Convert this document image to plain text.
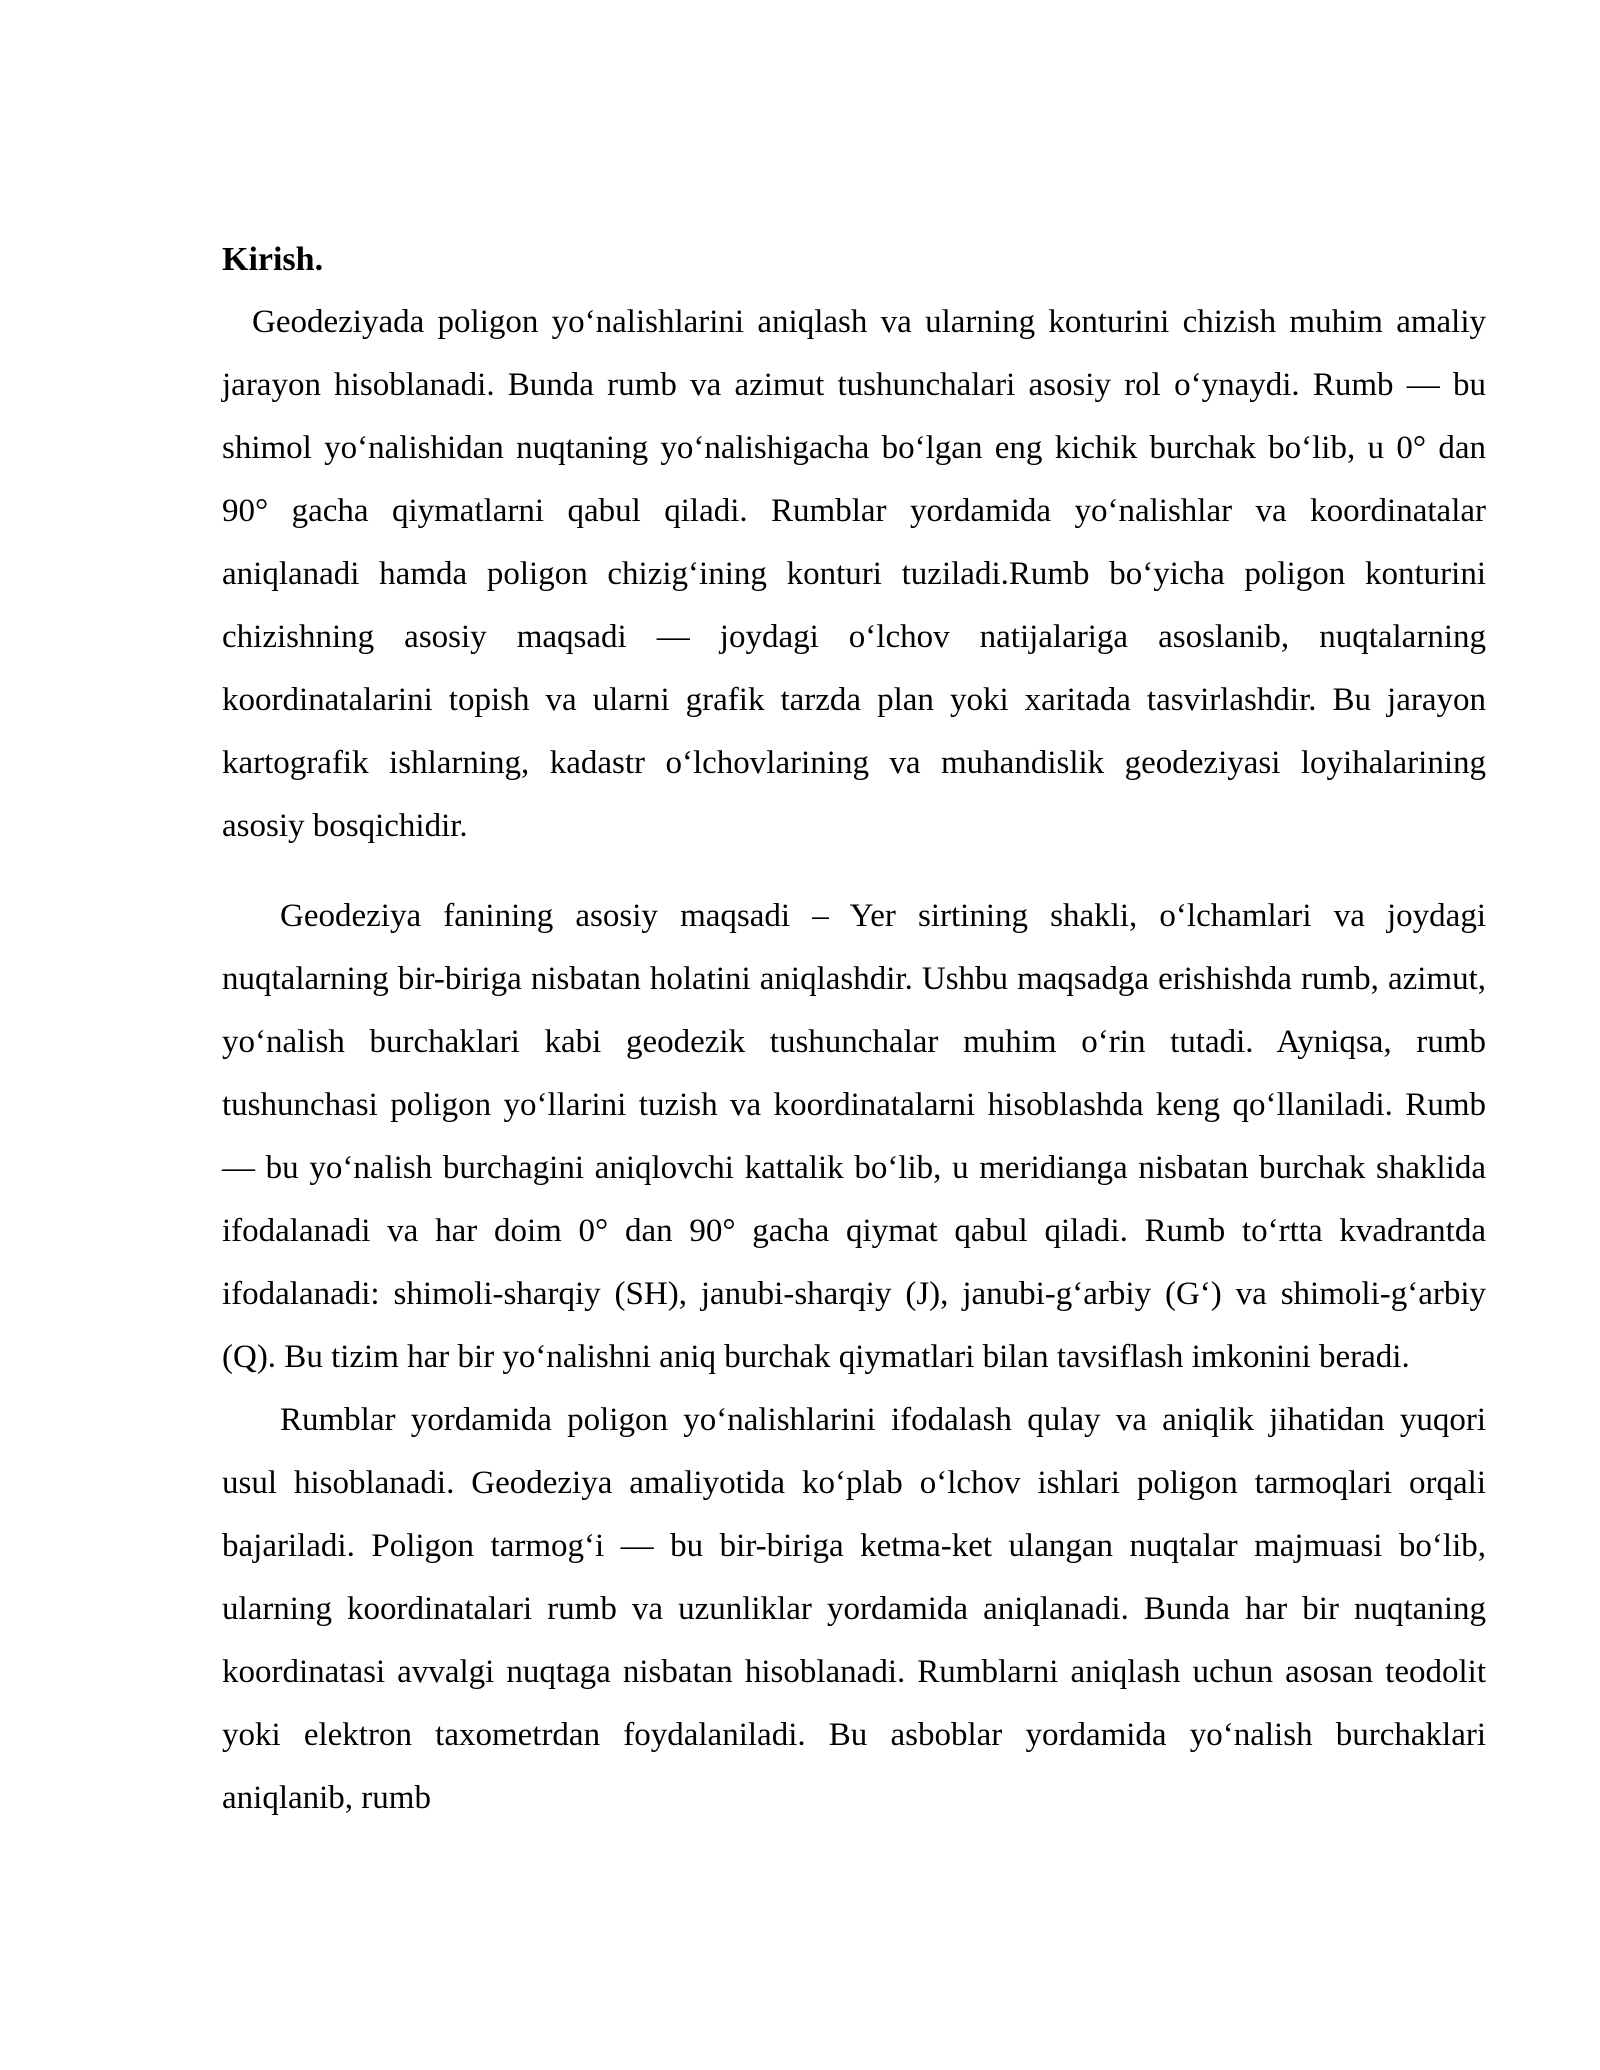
Kirish.

Geodeziyada poligon yo‘nalishlarini aniqlash va ularning konturini chizish muhim amaliy jarayon hisoblanadi. Bunda rumb va azimut tushunchalari asosiy rol o‘ynaydi. Rumb — bu shimol yo‘nalishidan nuqtaning yo‘nalishigacha bo‘lgan eng kichik burchak bo‘lib, u 0° dan 90° gacha qiymatlarni qabul qiladi. Rumblar yordamida yo‘nalishlar va koordinatalar aniqlanadi hamda poligon chizig‘ining konturi tuziladi.Rumb bo‘yicha poligon konturini chizishning asosiy maqsadi — joydagi o‘lchov natijalariga asoslanib, nuqtalarning koordinatalarini topish va ularni grafik tarzda plan yoki xaritada tasvirlashdir. Bu jarayon kartografik ishlarning, kadastr o‘lchovlarining va muhandislik geodeziyasi loyihalarining asosiy bosqichidir.

Geodeziya fanining asosiy maqsadi – Yer sirtining shakli, o‘lchamlari va joydagi nuqtalarning bir-biriga nisbatan holatini aniqlashdir. Ushbu maqsadga erishishda rumb, azimut, yo‘nalish burchaklari kabi geodezik tushunchalar muhim o‘rin tutadi. Ayniqsa, rumb tushunchasi poligon yo‘llarini tuzish va koordinatalarni hisoblashda keng qo‘llaniladi. Rumb — bu yo‘nalish burchagini aniqlovchi kattalik bo‘lib, u meridianga nisbatan burchak shaklida ifodalanadi va har doim 0° dan 90° gacha qiymat qabul qiladi. Rumb to‘rtta kvadrantda ifodalanadi: shimoli-sharqiy (SH), janubi-sharqiy (J), janubi-g‘arbiy (G‘) va shimoli-g‘arbiy (Q). Bu tizim har bir yo‘nalishni aniq burchak qiymatlari bilan tavsiflash imkonini beradi.

Rumblar yordamida poligon yo‘nalishlarini ifodalash qulay va aniqlik jihatidan yuqori usul hisoblanadi. Geodeziya amaliyotida ko‘plab o‘lchov ishlari poligon tarmoqlari orqali bajariladi. Poligon tarmog‘i — bu bir-biriga ketma-ket ulangan nuqtalar majmuasi bo‘lib, ularning koordinatalari rumb va uzunliklar yordamida aniqlanadi. Bunda har bir nuqtaning koordinatasi avvalgi nuqtaga nisbatan hisoblanadi. Rumblarni aniqlash uchun asosan teodolit yoki elektron taxometrdan foydalaniladi. Bu asboblar yordamida yo‘nalish burchaklari aniqlanib, rumb
